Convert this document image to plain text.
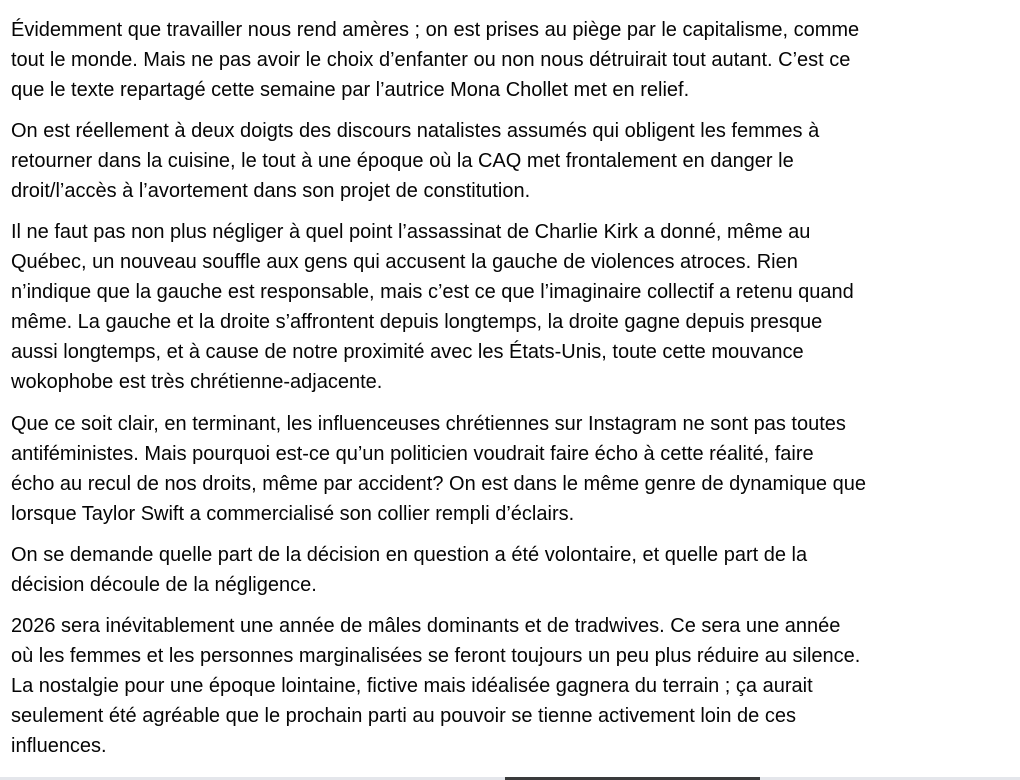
Évidemment que travailler nous rend amères ; on est prises au piège par le capitalisme, comme
tout le monde. Mais ne pas avoir le choix d’enfanter ou non nous détruirait tout autant. C’est ce
que le texte repartagé cette semaine par l’autrice Mona Chollet met en relief.

On est réellement à deux doigts des discours natalistes assumés qui obligent les femmes à
retourner dans la cuisine, le tout à une époque où la CAQ met frontalement en danger le
droit/l’accès à l’avortement dans son projet de constitution.

Il ne faut pas non plus négliger à quel point l’assassinat de Charlie Kirk a donné, même au
Québec, un nouveau souffle aux gens qui accusent la gauche de violences atroces. Rien
n’indique que la gauche est responsable, mais c’est ce que l’imaginaire collectif a retenu quand
même. La gauche et la droite s’affrontent depuis longtemps, la droite gagne depuis presque
aussi longtemps, et à cause de notre proximité avec les États-Unis, toute cette mouvance
wokophobe est très chrétienne-adjacente.

Que ce soit clair, en terminant, les influenceuses chrétiennes sur Instagram ne sont pas toutes
antiféministes. Mais pourquoi est-ce qu’un politicien voudrait faire écho à cette réalité, faire
écho au recul de nos droits, même par accident? On est dans le même genre de dynamique que
lorsque Taylor Swift a commercialisé son collier rempli d’éclairs.

On se demande quelle part de la décision en question a été volontaire, et quelle part de la
décision découle de la négligence.

2026 sera inévitablement une année de mâles dominants et de tradwives. Ce sera une année
où les femmes et les personnes marginalisées se feront toujours un peu plus réduire au silence.
La nostalgie pour une époque lointaine, fictive mais idéalisée gagnera du terrain ; ça aurait
seulement été agréable que le prochain parti au pouvoir se tienne activement loin de ces
influences.
